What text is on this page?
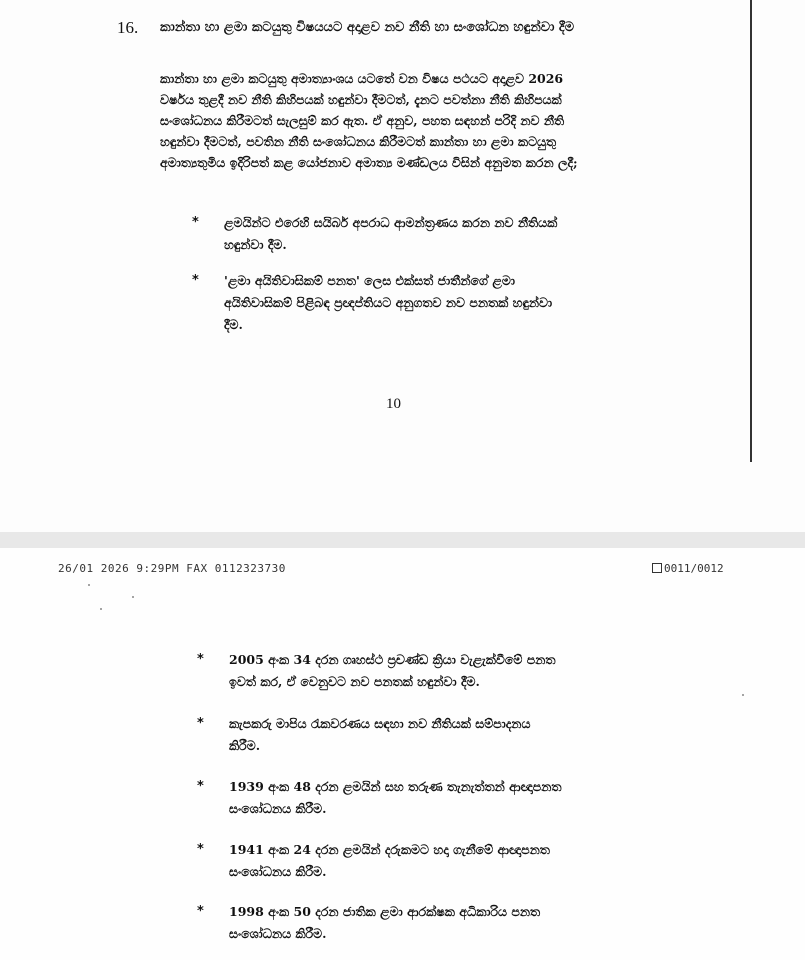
16. කාන්තා හා ළමා කටයුතු විෂයයට අදාළව නව නීති හා සංශෝධන හඳුන්වා දීම
කාන්තා හා ළමා කටයුතු අමාත්‍යාංශය යටතේ වන විෂය පථයට අදාළව 2026
වර්ෂය තුළදී නව නීති කිහිපයක් හඳුන්වා දීමටත්, දැනට පවත්නා නීති කිහිපයක්
සංශෝධනය කිරීමටත් සැලසුම් කර ඇත. ඒ අනුව, පහත සඳහන් පරිදි නව නීති
හඳුන්වා දීමටත්, පවතින නීති සංශෝධනය කිරීමටත් කාන්තා හා ළමා කටයුතු
අමාත්‍යතුමිය ඉදිරිපත් කළ යෝජනාව අමාත්‍ය මණ්ඩලය විසින් අනුමත කරන ලදී;
* ළමයින්ට එරෙහි සයිබර් අපරාධ ආමන්ත්‍රණය කරන නව නීතියක්
හඳුන්වා දීම.
* 'ළමා අයිතිවාසිකම් පනත' ලෙස එක්සත් ජාතීන්ගේ ළමා
අයිතිවාසිකම් පිළිබඳ ප්‍රඥප්තියට අනුගතව නව පනතක් හඳුන්වා
දීම.
10
26/01 2026 9:29PM FAX 0112323730	0011/0012
* 2005 අංක 34 දරන ගෘහස්ථ ප්‍රචණ්ඩ ක්‍රියා වැළැක්වීමේ පනත
ඉවත් කර, ඒ වෙනුවට නව පනතක් හඳුන්වා දීම.
* කැපකරු මාපිය රැකවරණය සඳහා නව නීතියක් සම්පාදනය
කිරීම.
* 1939 අංක 48 දරන ළමයින් සහ තරුණ තැනැත්තන් ආඥාපනත
සංශෝධනය කිරීම.
* 1941 අංක 24 දරන ළමයින් දරුකමට හදා ගැනීමේ ආඥාපනත
සංශෝධනය කිරීම.
* 1998 අංක 50 දරන ජාතික ළමා ආරක්ෂක අධිකාරිය පනත
සංශෝධනය කිරීම.
